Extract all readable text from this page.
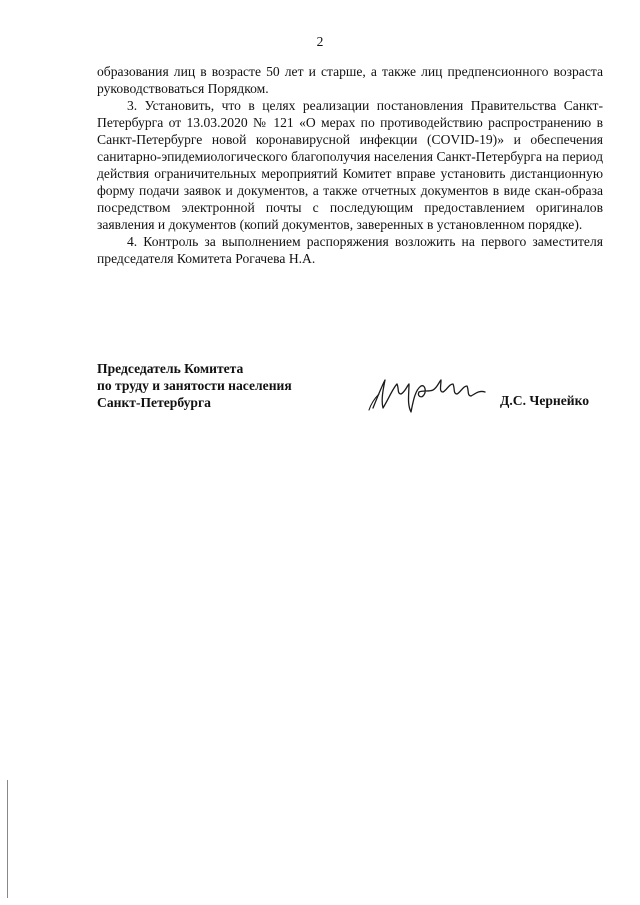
2

образования лиц в возрасте 50 лет и старше, а также лиц предпенсионного возраста руководствоваться Порядком.

3. Установить, что в целях реализации постановления Правительства Санкт-Петербурга от 13.03.2020 № 121 «О мерах по противодействию распространению в Санкт-Петербурге новой коронавирусной инфекции (COVID-19)» и обеспечения санитарно-эпидемиологического благополучия населения Санкт-Петербурга на период действия ограничительных мероприятий Комитет вправе установить дистанционную форму подачи заявок и документов, а также отчетных документов в виде скан-образа посредством электронной почты с последующим предоставлением оригиналов заявления и документов (копий документов, заверенных в установленном порядке).

4. Контроль за выполнением распоряжения возложить на первого заместителя председателя Комитета Рогачева Н.А.

Председатель Комитета
по труду и занятости населения
Санкт-Петербурга	Д.С. Чернейко
